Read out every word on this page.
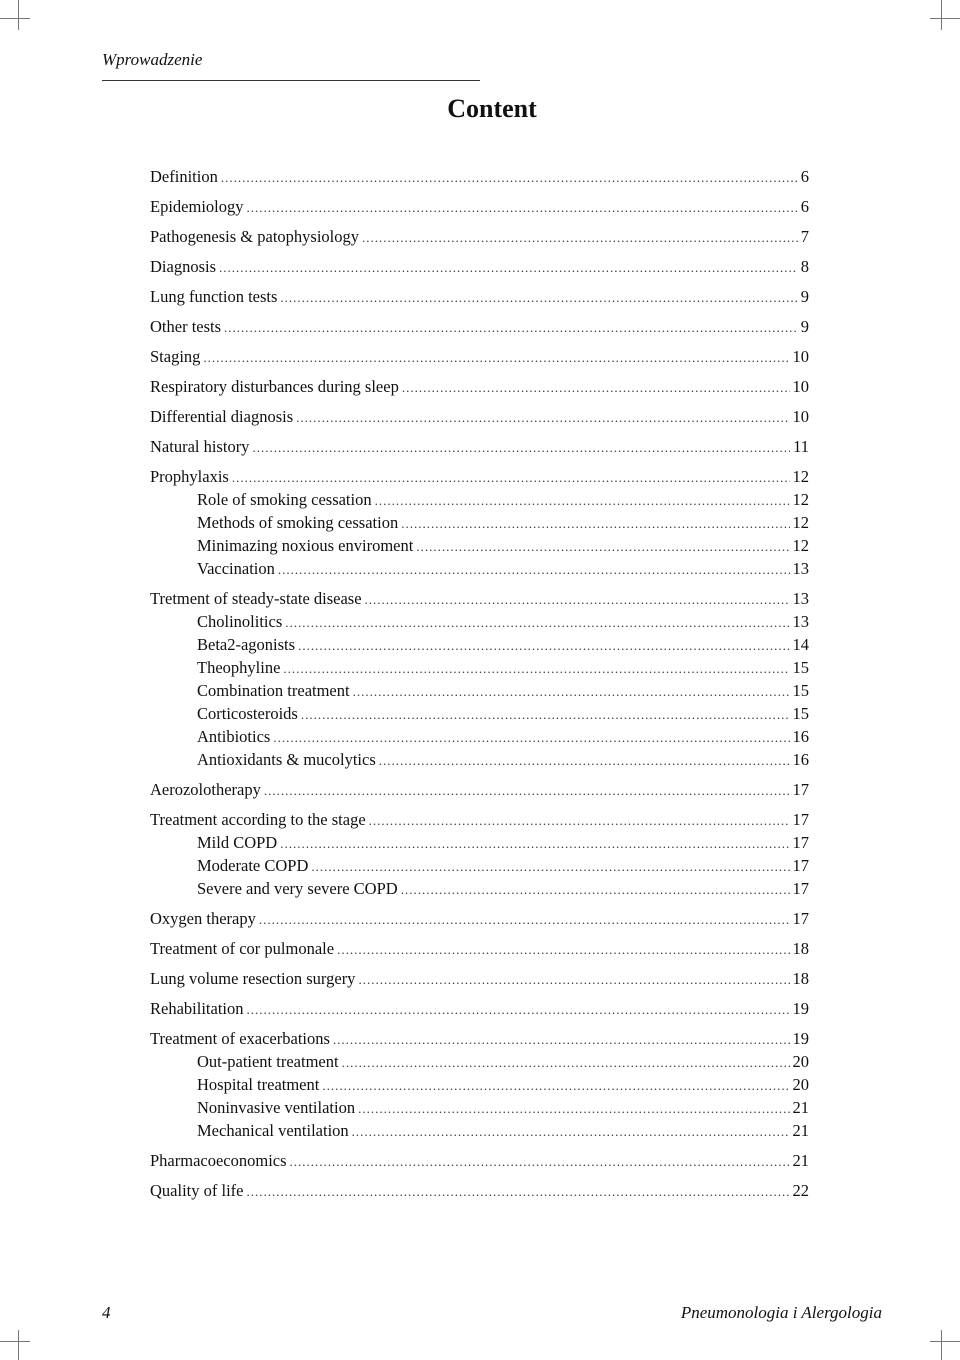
Wprowadzenie
Content
Definition .....	6
Epidemiology .....	6
Pathogenesis & patophysiology .....	7
Diagnosis .....	8
Lung function tests .....	9
Other tests .....	9
Staging .....	10
Respiratory disturbances during sleep .....	10
Differential diagnosis .....	10
Natural history .....	11
Prophylaxis .....	12
Role of smoking cessation .....	12
Methods of smoking cessation .....	12
Minimazing noxious enviroment .....	12
Vaccination .....	13
Tretment of steady-state disease .....	13
Cholinolitics .....	13
Beta2-agonists .....	14
Theophyline .....	15
Combination treatment .....	15
Corticosteroids .....	15
Antibiotics .....	16
Antioxidants & mucolytics .....	16
Aerozolotherapy .....	17
Treatment according to the stage .....	17
Mild COPD .....	17
Moderate COPD .....	17
Severe and very severe COPD .....	17
Oxygen therapy .....	17
Treatment of cor pulmonale .....	18
Lung volume resection surgery .....	18
Rehabilitation .....	19
Treatment of exacerbations .....	19
Out-patient treatment .....	20
Hospital treatment .....	20
Noninvasive ventilation .....	21
Mechanical ventilation .....	21
Pharmacoeconomics .....	21
Quality of life .....	22
4	Pneumonologia i Alergologia
